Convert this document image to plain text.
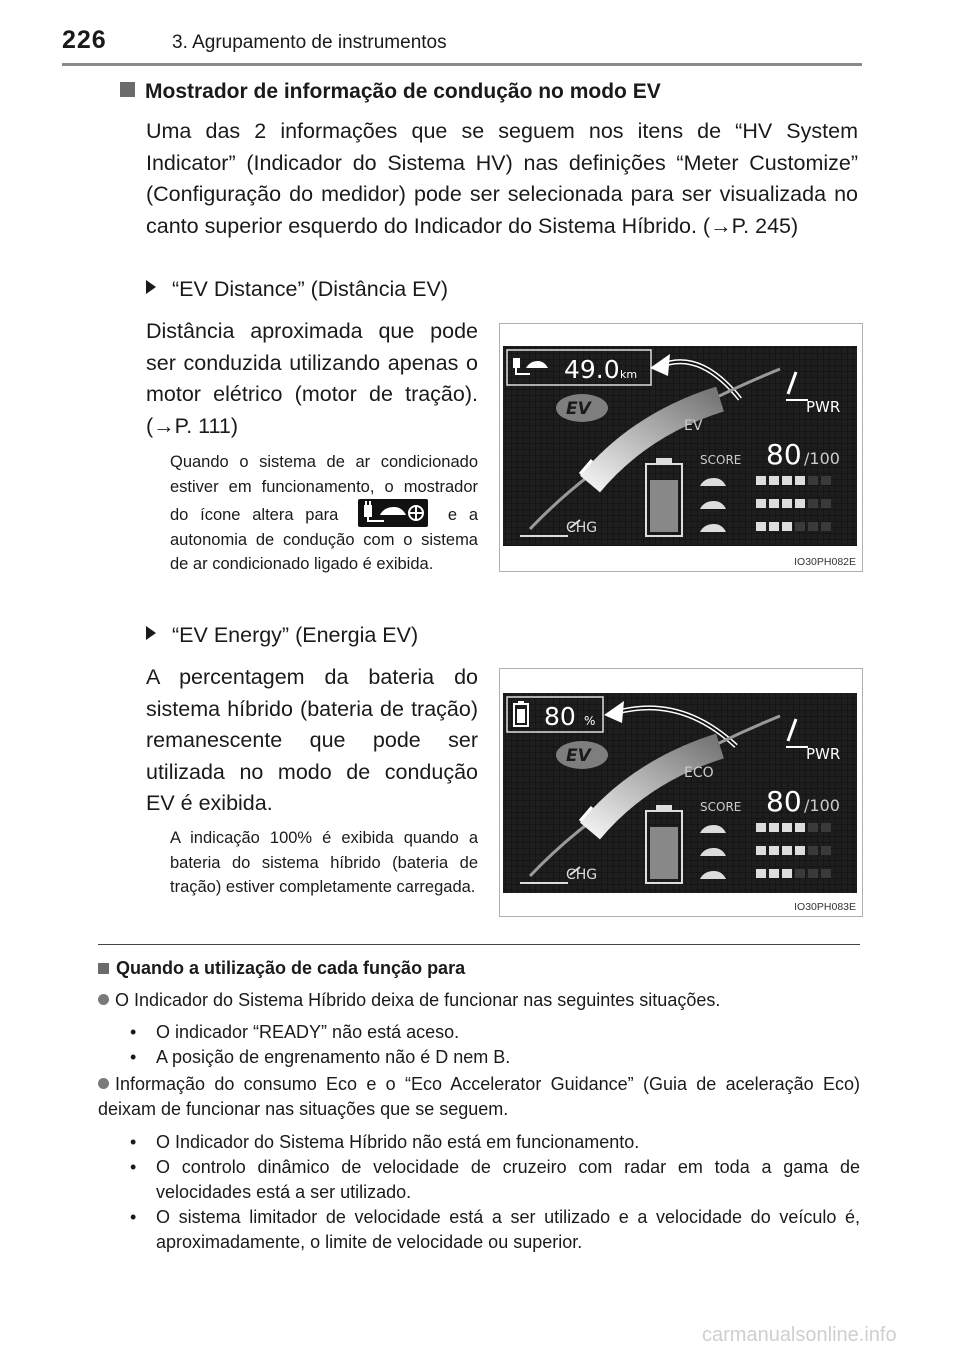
226	3. Agrupamento de instrumentos
Mostrador de informação de condução no modo EV
Uma das 2 informações que se seguem nos itens de “HV System Indicator” (Indicador do Sistema HV) nas definições “Meter Customize” (Configuração do medidor) pode ser selecionada para ser visualizada no canto superior esquerdo do Indicador do Sistema Híbrido. (→P. 245)
“EV Distance” (Distância EV)
Distância aproximada que pode ser conduzida utilizando apenas o motor elétrico (motor de tração). (→P. 111)
Quando o sistema de ar condicionado estiver em funcionamento, o mostrador do ícone altera para	e a autonomia de condução com o sistema de ar condicionado ligado é exibida.
“EV Energy” (Energia EV)
A percentagem da bateria do sistema híbrido (bateria de tração) remanescente que pode ser utilizada no modo de condução EV é exibida.
A indicação 100% é exibida quando a bateria do sistema híbrido (bateria de tração) estiver completamente carregada.
49.0 km
PWR
EV
EV
CHG
SCORE 80 /100
IO30PH082E
80 %
PWR
ECO
EV
CHG
SCORE 80 /100
IO30PH083E
Quando a utilização de cada função para
O Indicador do Sistema Híbrido deixa de funcionar nas seguintes situações.
• O indicador “READY” não está aceso.
• A posição de engrenamento não é D nem B.
Informação do consumo Eco e o “Eco Accelerator Guidance” (Guia de aceleração Eco) deixam de funcionar nas situações que se seguem.
• O Indicador do Sistema Híbrido não está em funcionamento.
• O controlo dinâmico de velocidade de cruzeiro com radar em toda a gama de velocidades está a ser utilizado.
• O sistema limitador de velocidade está a ser utilizado e a velocidade do veículo é, aproximadamente, o limite de velocidade ou superior.
carmanualsonline.info
